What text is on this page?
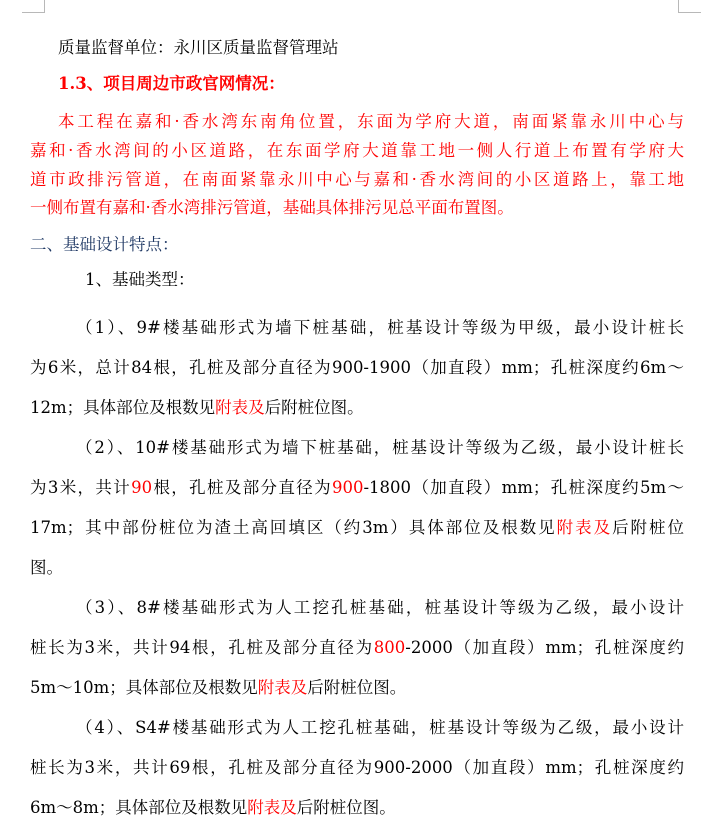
质量监督单位：永川区质量监督管理站
1.3、项目周边市政官网情况：
本工程在嘉和·香水湾东南角位置，东面为学府大道，南面紧靠永川中心与
嘉和·香水湾间的小区道路，在东面学府大道靠工地一侧人行道上布置有学府大
道市政排污管道，在南面紧靠永川中心与嘉和·香水湾间的小区道路上，靠工地
一侧布置有嘉和·香水湾排污管道，基础具体排污见总平面布置图。
二、基础设计特点：
1、基础类型：
（1）、9#楼基础形式为墙下桩基础，桩基设计等级为甲级，最小设计桩长
为6米，总计84根，孔桩及部分直径为900-1900（加直段）mm；孔桩深度约6m～
12m；具体部位及根数见附表及后附桩位图。
（2）、10#楼基础形式为墙下桩基础，桩基设计等级为乙级，最小设计桩长
为3米，共计90根，孔桩及部分直径为900-1800（加直段）mm；孔桩深度约5m～
17m；其中部份桩位为渣土高回填区（约3m）具体部位及根数见附表及后附桩位
图。
（3）、8#楼基础形式为人工挖孔桩基础，桩基设计等级为乙级，最小设计
桩长为3米，共计94根，孔桩及部分直径为800-2000（加直段）mm；孔桩深度约
5m～10m；具体部位及根数见附表及后附桩位图。
（4）、S4#楼基础形式为人工挖孔桩基础，桩基设计等级为乙级，最小设计
桩长为3米，共计69根，孔桩及部分直径为900-2000（加直段）mm；孔桩深度约
6m～8m；具体部位及根数见附表及后附桩位图。
